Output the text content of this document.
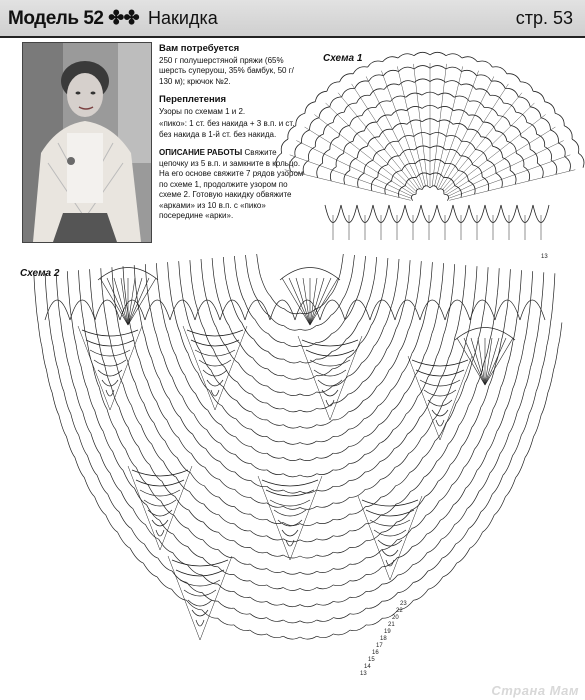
Модель 52 ✤✤ Накидка	стр. 53
Вам потребуется

250 г полушерстяной пряжи (65% шерсть суперуош, 35% бамбук, 50 г/ 130 м); крючок №2.

Переплетения

Узоры по схемам 1 и 2.

«пико»: 1 ст. без накида + 3 в.п. и ст. без накида в 1-й ст. без накида.

ОПИСАНИЕ РАБОТЫ Свяжите цепочку из 5 в.п. и замкните в кольцо. На его основе свяжите 7 рядов узором по схеме 1, продолжите узором по схеме 2. Готовую накидку обвяжите «арками» из 10 в.п. с «пико» посередине «арки».

Схема 1
Схема 2
13
23
22
20
21
19
18
17
16
15
14
13
Страна Мам
